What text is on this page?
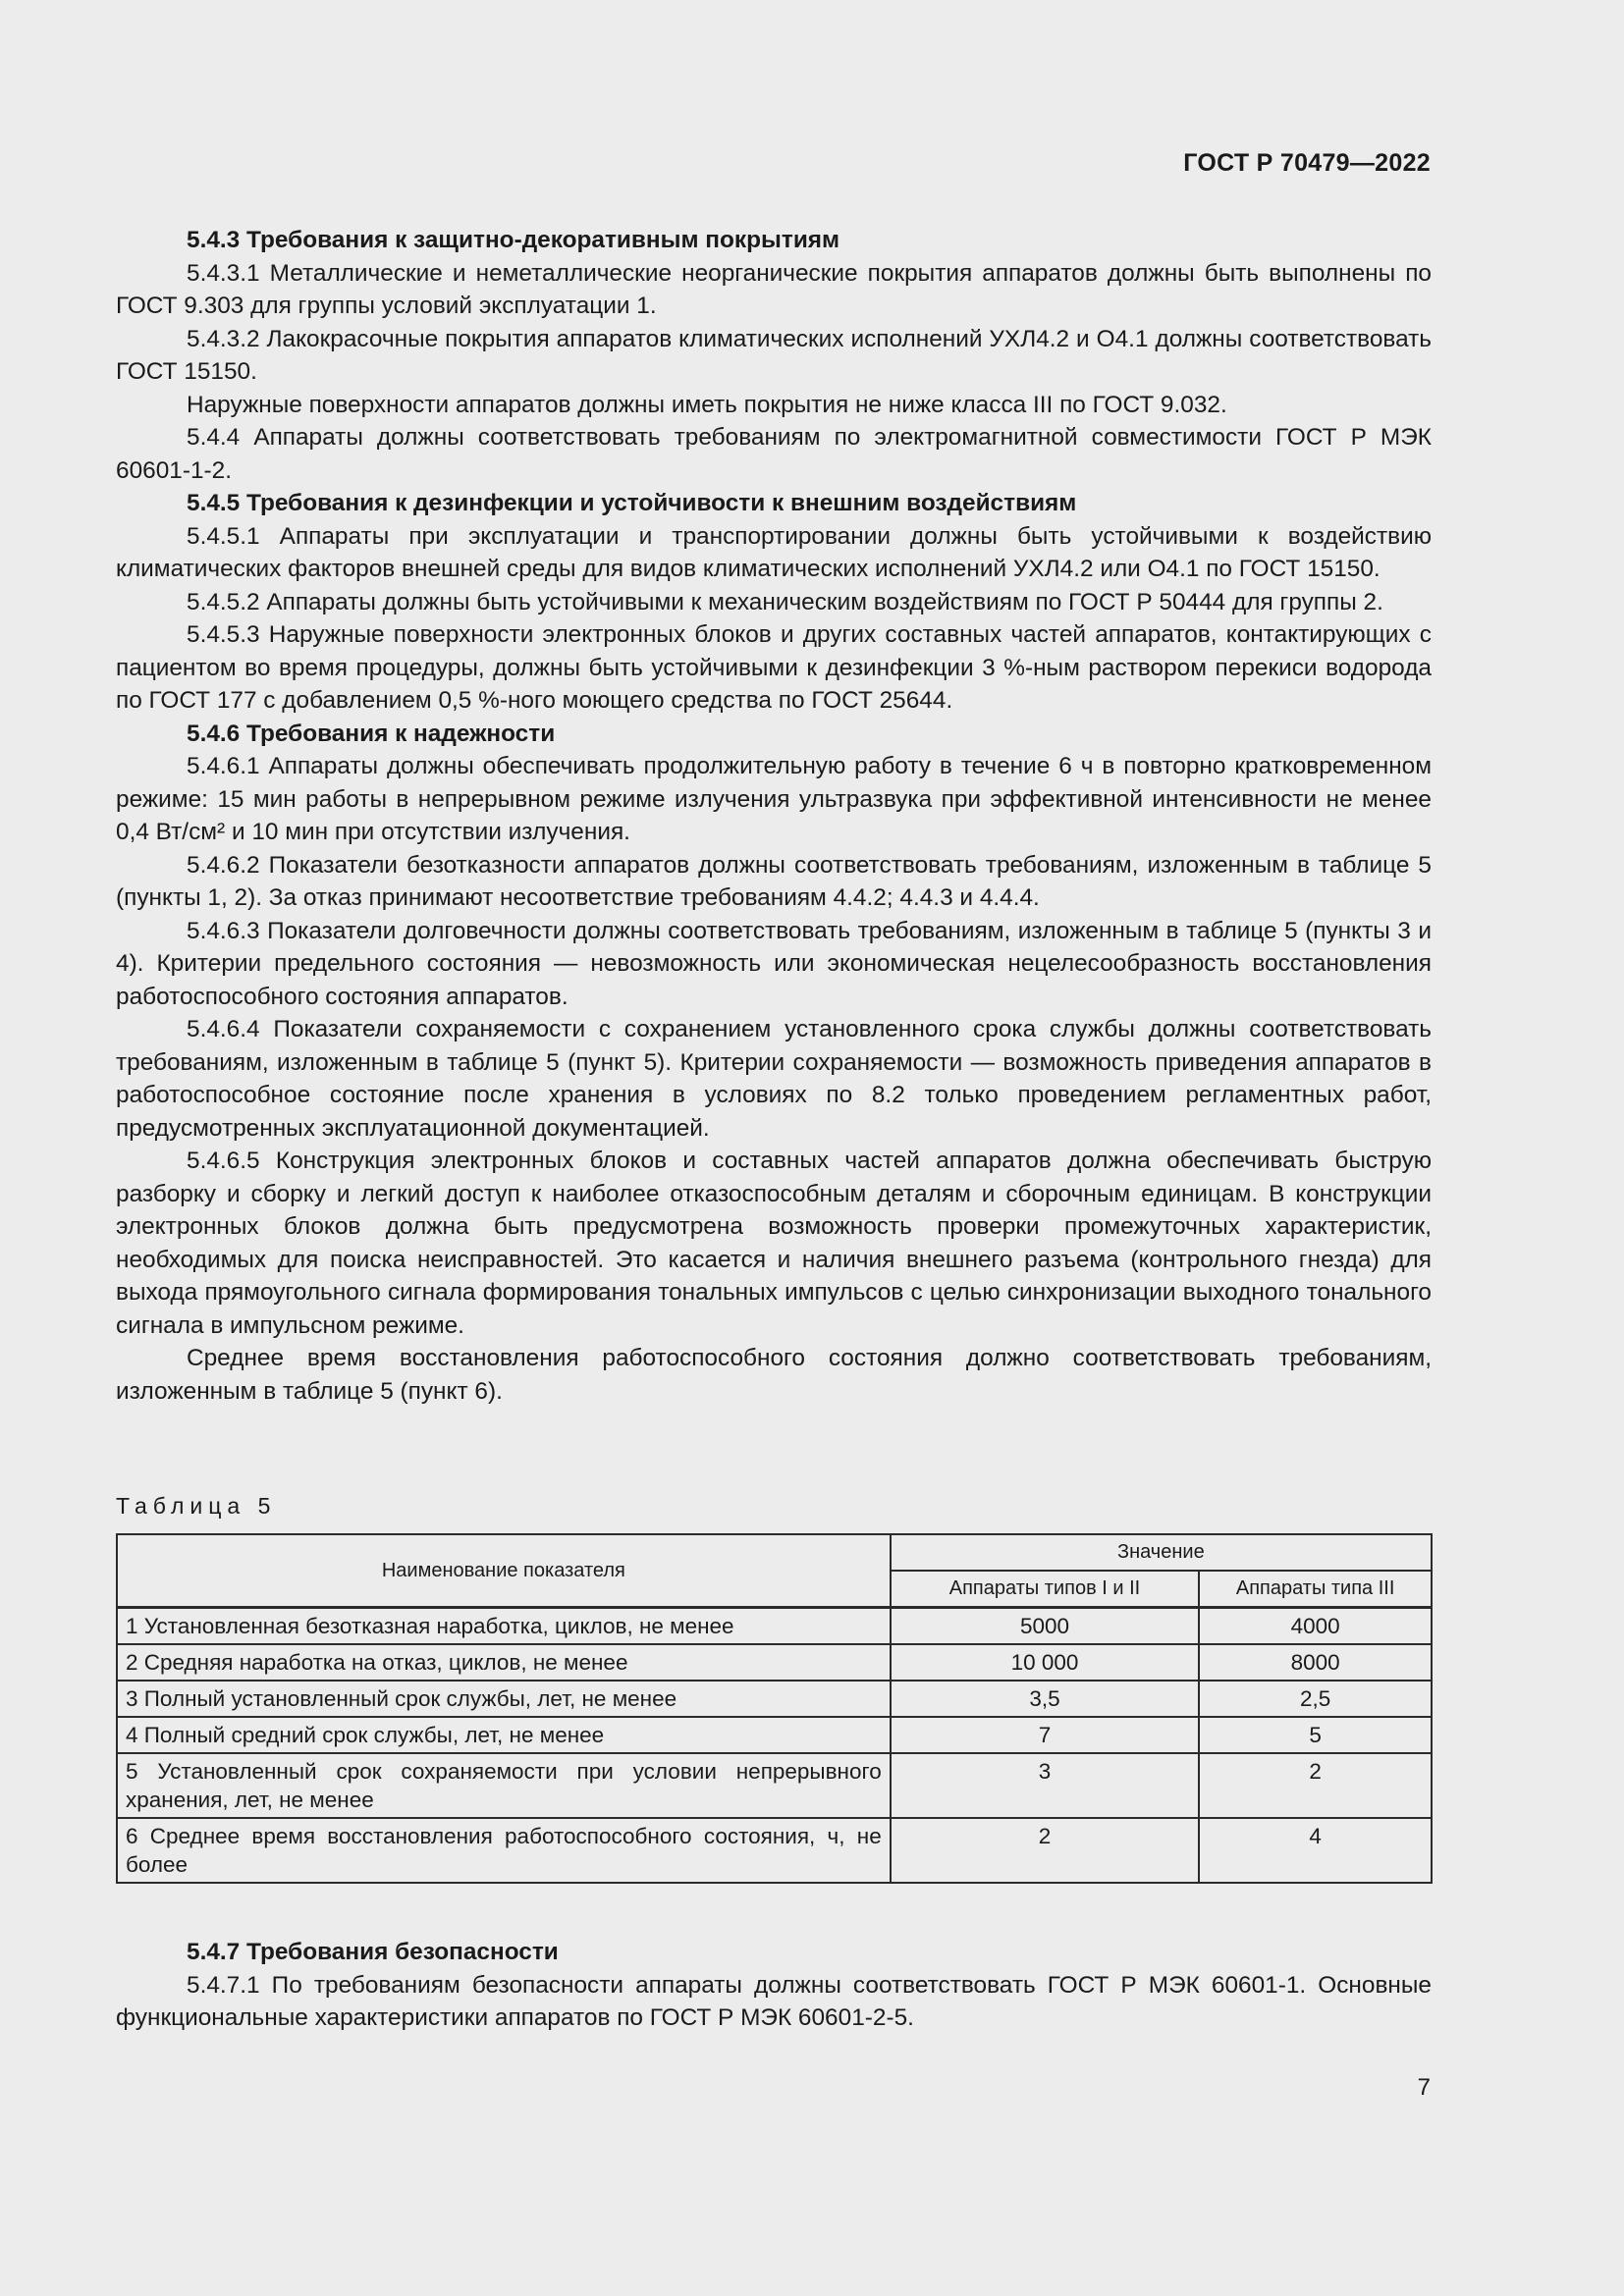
ГОСТ Р 70479—2022

5.4.3 Требования к защитно-декоративным покрытиям

5.4.3.1 Металлические и неметаллические неорганические покрытия аппаратов должны быть выполнены по ГОСТ 9.303 для группы условий эксплуатации 1.

5.4.3.2 Лакокрасочные покрытия аппаратов климатических исполнений УХЛ4.2 и О4.1 должны соответствовать ГОСТ 15150.

Наружные поверхности аппаратов должны иметь покрытия не ниже класса III по ГОСТ 9.032.

5.4.4 Аппараты должны соответствовать требованиям по электромагнитной совместимости ГОСТ Р МЭК 60601-1-2.

5.4.5 Требования к дезинфекции и устойчивости к внешним воздействиям

5.4.5.1 Аппараты при эксплуатации и транспортировании должны быть устойчивыми к воздействию климатических факторов внешней среды для видов климатических исполнений УХЛ4.2 или О4.1 по ГОСТ 15150.

5.4.5.2 Аппараты должны быть устойчивыми к механическим воздействиям по ГОСТ Р 50444 для группы 2.

5.4.5.3 Наружные поверхности электронных блоков и других составных частей аппаратов, контактирующих с пациентом во время процедуры, должны быть устойчивыми к дезинфекции 3 %-ным раствором перекиси водорода по ГОСТ 177 с добавлением 0,5 %-ного моющего средства по ГОСТ 25644.

5.4.6 Требования к надежности

5.4.6.1 Аппараты должны обеспечивать продолжительную работу в течение 6 ч в повторно кратковременном режиме: 15 мин работы в непрерывном режиме излучения ультразвука при эффективной интенсивности не менее 0,4 Вт/см² и 10 мин при отсутствии излучения.

5.4.6.2 Показатели безотказности аппаратов должны соответствовать требованиям, изложенным в таблице 5 (пункты 1, 2). За отказ принимают несоответствие требованиям 4.4.2; 4.4.3 и 4.4.4.

5.4.6.3 Показатели долговечности должны соответствовать требованиям, изложенным в таблице 5 (пункты 3 и 4). Критерии предельного состояния — невозможность или экономическая нецелесообразность восстановления работоспособного состояния аппаратов.

5.4.6.4 Показатели сохраняемости с сохранением установленного срока службы должны соответствовать требованиям, изложенным в таблице 5 (пункт 5). Критерии сохраняемости — возможность приведения аппаратов в работоспособное состояние после хранения в условиях по 8.2 только проведением регламентных работ, предусмотренных эксплуатационной документацией.

5.4.6.5 Конструкция электронных блоков и составных частей аппаратов должна обеспечивать быструю разборку и сборку и легкий доступ к наиболее отказоспособным деталям и сборочным единицам. В конструкции электронных блоков должна быть предусмотрена возможность проверки промежуточных характеристик, необходимых для поиска неисправностей. Это касается и наличия внешнего разъема (контрольного гнезда) для выхода прямоугольного сигнала формирования тональных импульсов с целью синхронизации выходного тонального сигнала в импульсном режиме.

Среднее время восстановления работоспособного состояния должно соответствовать требованиям, изложенным в таблице 5 (пункт 6).

Таблица 5
Наименование показателя	Значение	
	Аппараты типов I и II	Аппараты типа III
1 Установленная безотказная наработка, циклов, не менее	5000	4000
2 Средняя наработка на отказ, циклов, не менее	10 000	8000
3 Полный установленный срок службы, лет, не менее	3,5	2,5
4 Полный средний срок службы, лет, не менее	7	5
5 Установленный срок сохраняемости при условии непрерывного хранения, лет, не менее	3	2
6 Среднее время восстановления работоспособного состояния, ч, не более	2	4

5.4.7 Требования безопасности

5.4.7.1 По требованиям безопасности аппараты должны соответствовать ГОСТ Р МЭК 60601-1. Основные функциональные характеристики аппаратов по ГОСТ Р МЭК 60601-2-5.

7
